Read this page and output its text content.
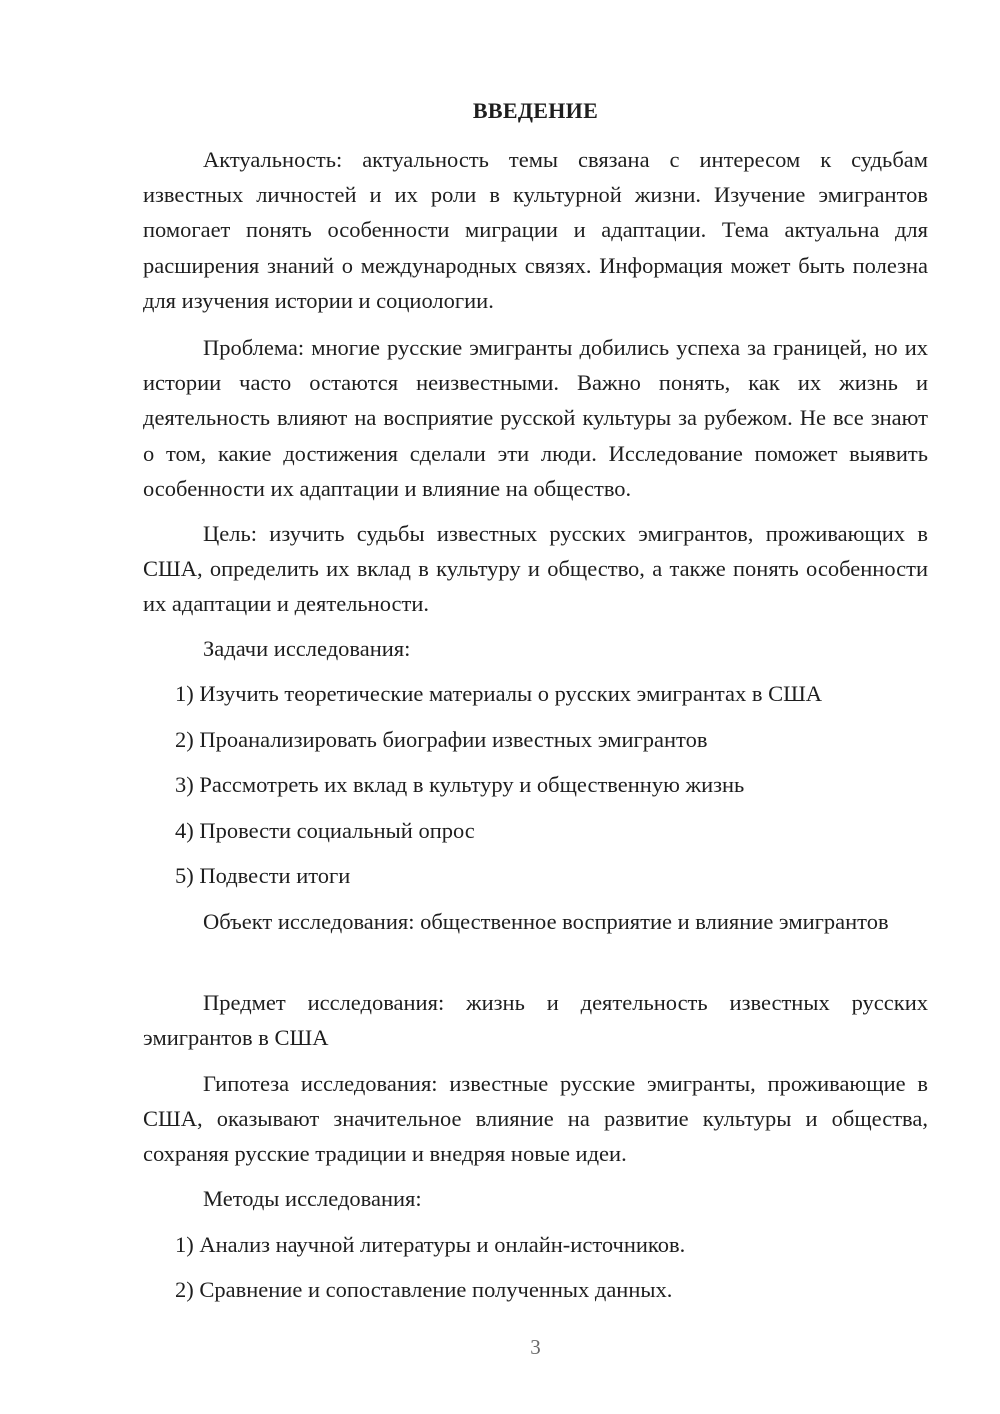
ВВЕДЕНИЕ

Актуальность: актуальность темы связана с интересом к судьбам известных личностей и их роли в культурной жизни. Изучение эмигрантов помогает понять особенности миграции и адаптации. Тема актуальна для расширения знаний о международных связях. Информация может быть полезна для изучения истории и социологии.

Проблема: многие русские эмигранты добились успеха за границей, но их истории часто остаются неизвестными. Важно понять, как их жизнь и деятельность влияют на восприятие русской культуры за рубежом. Не все знают о том, какие достижения сделали эти люди. Исследование поможет выявить особенности их адаптации и влияние на общество.

Цель: изучить судьбы известных русских эмигрантов, проживающих в США, определить их вклад в культуру и общество, а также понять особенности их адаптации и деятельности.

Задачи исследования:

1) Изучить теоретические материалы о русских эмигрантах в США

2) Проанализировать биографии известных эмигрантов

3) Рассмотреть их вклад в культуру и общественную жизнь

4) Провести социальный опрос

5) Подвести итоги

Объект исследования: общественное восприятие и влияние эмигрантов

Предмет исследования: жизнь и деятельность известных русских эмигрантов в США

Гипотеза исследования: известные русские эмигранты, проживающие в США, оказывают значительное влияние на развитие культуры и общества, сохраняя русские традиции и внедряя новые идеи.

Методы исследования:

1) Анализ научной литературы и онлайн-источников.

2) Сравнение и сопоставление полученных данных.

3
